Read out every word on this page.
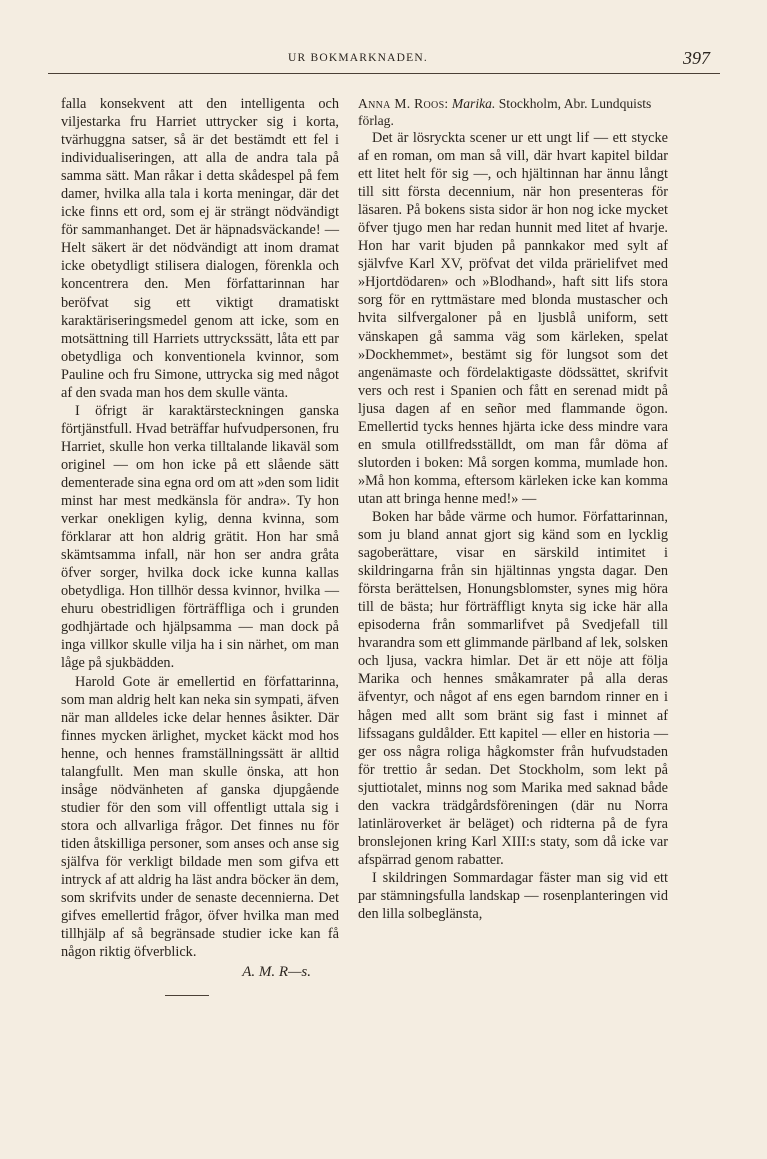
UR BOKMARKNADEN.	397

falla konsekvent att den intelligenta och viljestarka fru Harriet uttrycker sig i korta, tvärhuggna satser, så är det bestämdt ett fel i individualiseringen, att alla de andra tala på samma sätt. Man råkar i detta skådespel på fem damer, hvilka alla tala i korta meningar, där det icke finns ett ord, som ej är strängt nödvändigt för sammanhanget. Det är häpnadsväckande! — Helt säkert är det nödvändigt att inom dramat icke obetydligt stilisera dialogen, förenkla och koncentrera den. Men författarinnan har beröfvat sig ett viktigt dramatiskt karaktäriseringsmedel genom att icke, som en motsättning till Harriets uttryckssätt, låta ett par obetydliga och konventionela kvinnor, som Pauline och fru Simone, uttrycka sig med något af den svada man hos dem skulle vänta.

I öfrigt är karaktärsteckningen ganska förtjänstfull. Hvad beträffar hufvudpersonen, fru Harriet, skulle hon verka tilltalande likaväl som originel — om hon icke på ett slående sätt dementerade sina egna ord om att »den som lidit minst har mest medkänsla för andra». Ty hon verkar onekligen kylig, denna kvinna, som förklarar att hon aldrig grätit. Hon har små skämtsamma infall, när hon ser andra gråta öfver sorger, hvilka dock icke kunna kallas obetydliga. Hon tillhör dessa kvinnor, hvilka — ehuru obestridligen förträffliga och i grunden godhjärtade och hjälpsamma — man dock på inga villkor skulle vilja ha i sin närhet, om man låge på sjukbädden.

Harold Gote är emellertid en författarinna, som man aldrig helt kan neka sin sympati, äfven när man alldeles icke delar hennes åsikter. Där finnes mycken ärlighet, mycket käckt mod hos henne, och hennes framställningssätt är alltid talangfullt. Men man skulle önska, att hon insåge nödvänheten af ganska djupgående studier för den som vill offentligt uttala sig i stora och allvarliga frågor. Det finnes nu för tiden åtskilliga personer, som anses och anse sig själfva för verkligt bildade men som gifva ett intryck af att aldrig ha läst andra böcker än dem, som skrifvits under de senaste decennierna. Det gifves emellertid frågor, öfver hvilka man med tillhjälp af så begränsade studier icke kan få någon riktig öfverblick.

A. M. R—s.

Anna M. Roos: Marika. Stockholm, Abr. Lundquists förlag.

Det är lösryckta scener ur ett ungt lif — ett stycke af en roman, om man så vill, där hvart kapitel bildar ett litet helt för sig —, och hjältinnan har ännu långt till sitt första decennium, när hon presenteras för läsaren. På bokens sista sidor är hon nog icke mycket öfver tjugo men har redan hunnit med litet af hvarje. Hon har varit bjuden på pannkakor med sylt af självfve Karl XV, pröfvat det vilda prärielifvet med »Hjortdödaren» och »Blodhand», haft sitt lifs stora sorg för en ryttmästare med blonda mustascher och hvita silfvergaloner på en ljusblå uniform, sett vänskapen gå samma väg som kärleken, spelat »Dockhemmet», bestämt sig för lungsot som det angenämaste och fördelaktigaste dödssättet, skrifvit vers och rest i Spanien och fått en serenad midt på ljusa dagen af en señor med flammande ögon. Emellertid tycks hennes hjärta icke dess mindre vara en smula otillfredsställdt, om man får döma af slutorden i boken: Må sorgen komma, mumlade hon. »Må hon komma, eftersom kärleken icke kan komma utan att bringa henne med!» —

Boken har både värme och humor. Författarinnan, som ju bland annat gjort sig känd som en lycklig sagoberättare, visar en särskild intimitet i skildringarna från sin hjältinnas yngsta dagar. Den första berättelsen, Honungsblomster, synes mig höra till de bästa; hur förträffligt knyta sig icke här alla episoderna från sommarlifvet på Svedjefall till hvarandra som ett glimmande pärlband af lek, solsken och ljusa, vackra himlar. Det är ett nöje att följa Marika och hennes småkamrater på alla deras äfventyr, och något af ens egen barndom rinner en i hågen med allt som bränt sig fast i minnet af lifssagans guldålder. Ett kapitel — eller en historia — ger oss några roliga hågkomster från hufvudstaden för trettio år sedan. Det Stockholm, som lekt på sjuttiotalet, minns nog som Marika med saknad både den vackra trädgårdsföreningen (där nu Norra latinläroverket är beläget) och ridterna på de fyra bronslejonen kring Karl XIII:s staty, som då icke var afspärrad genom rabatter.

I skildringen Sommardagar fäster man sig vid ett par stämningsfulla landskap — rosenplanteringen vid den lilla solbeglänsta,
